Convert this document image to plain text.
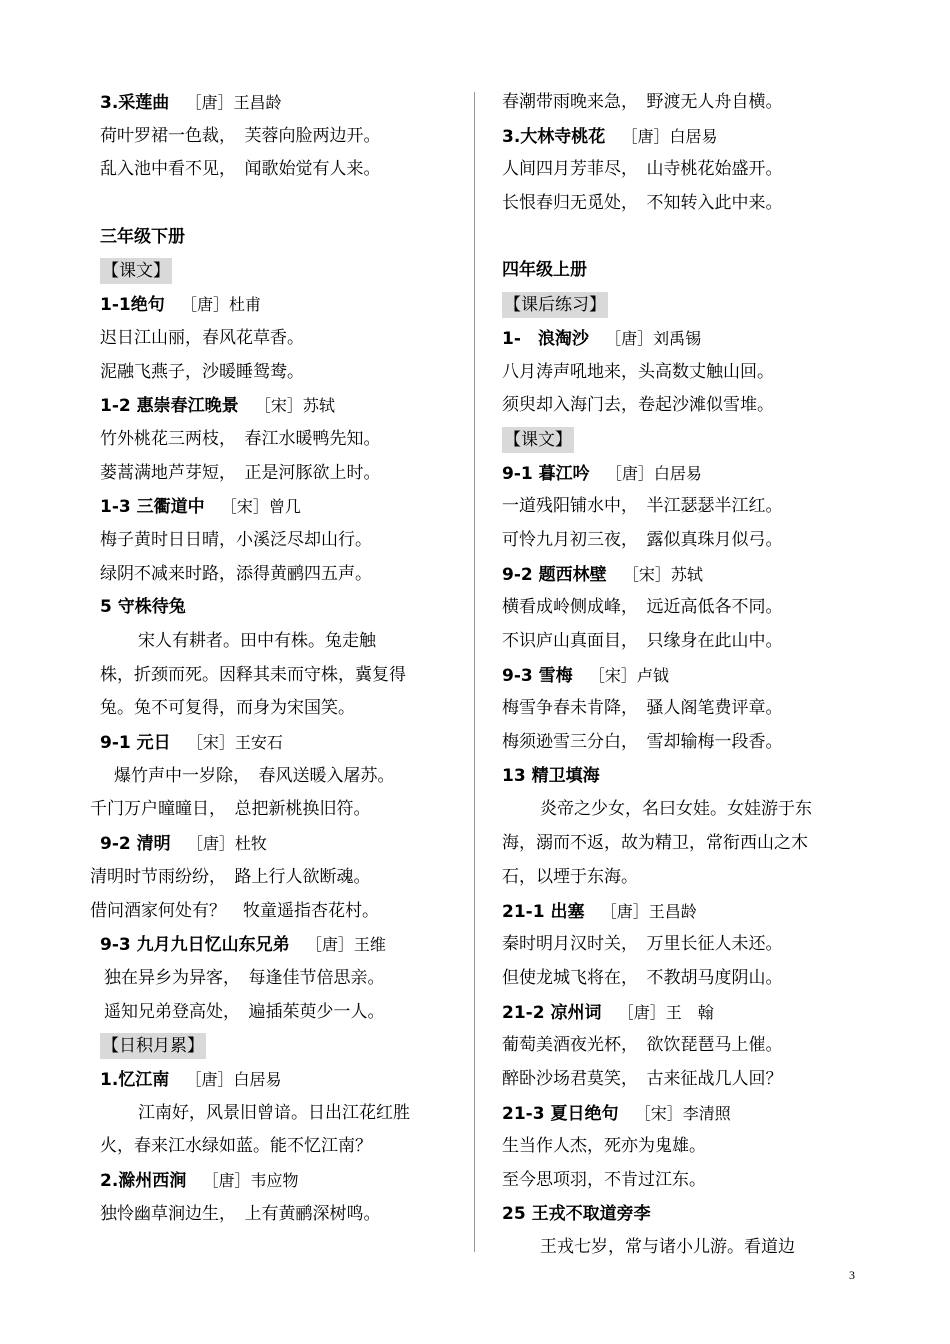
3.采莲曲 ［唐］王昌龄
荷叶罗裙一色裁，　芙蓉向脸两边开。
乱入池中看不见，　闻歌始觉有人来。
三年级下册
【课文】
1-1绝句 ［唐］杜甫
迟日江山丽，春风花草香。
泥融飞燕子，沙暖睡鸳鸯。
1-2 惠崇春江晚景 ［宋］苏轼
竹外桃花三两枝，　春江水暖鸭先知。
蒌蒿满地芦芽短，　正是河豚欲上时。
1-3 三衢道中 ［宋］曾几
梅子黄时日日晴，小溪泛尽却山行。
绿阴不减来时路，添得黄鹂四五声。
5 守株待兔
宋人有耕者。田中有株。兔走触
株，折颈而死。因释其耒而守株，冀复得
兔。兔不可复得，而身为宋国笑。
9-1 元日 ［宋］王安石
爆竹声中一岁除，　春风送暖入屠苏。
千门万户曈曈日，　总把新桃换旧符。
9-2 清明 ［唐］杜牧
清明时节雨纷纷，　路上行人欲断魂。
借问酒家何处有？　牧童遥指杏花村。
9-3 九月九日忆山东兄弟 ［唐］王维
独在异乡为异客，　每逢佳节倍思亲。
遥知兄弟登高处，　遍插茱萸少一人。
【日积月累】
1.忆江南 ［唐］白居易
江南好，风景旧曾谙。日出江花红胜
火，春来江水绿如蓝。能不忆江南？
2.滁州西涧 ［唐］韦应物
独怜幽草涧边生，　上有黄鹂深树鸣。
春潮带雨晚来急，　野渡无人舟自横。
3.大林寺桃花 ［唐］白居易
人间四月芳菲尽，　山寺桃花始盛开。
长恨春归无觅处，　不知转入此中来。
四年级上册
【课后练习】
1-　浪淘沙 ［唐］刘禹锡
八月涛声吼地来，头高数丈触山回。
须臾却入海门去，卷起沙滩似雪堆。
【课文】
9-1 暮江吟 ［唐］白居易
一道残阳铺水中，　半江瑟瑟半江红。
可怜九月初三夜，　露似真珠月似弓。
9-2 题西林壁 ［宋］苏轼
横看成岭侧成峰，　远近高低各不同。
不识庐山真面目，　只缘身在此山中。
9-3 雪梅 ［宋］卢钺
梅雪争春未肯降，　骚人阁笔费评章。
梅须逊雪三分白，　雪却输梅一段香。
13 精卫填海
炎帝之少女，名曰女娃。女娃游于东
海，溺而不返，故为精卫，常衔西山之木
石，以堙于东海。
21-1 出塞 ［唐］王昌龄
秦时明月汉时关，　万里长征人未还。
但使龙城飞将在，　不教胡马度阴山。
21-2 凉州词 ［唐］王　翰
葡萄美酒夜光杯，　欲饮琵琶马上催。
醉卧沙场君莫笑，　古来征战几人回？
21-3 夏日绝句 ［宋］李清照
生当作人杰，死亦为鬼雄。
至今思项羽，不肯过江东。
25 王戎不取道旁李
王戎七岁，常与诸小儿游。看道边
3
